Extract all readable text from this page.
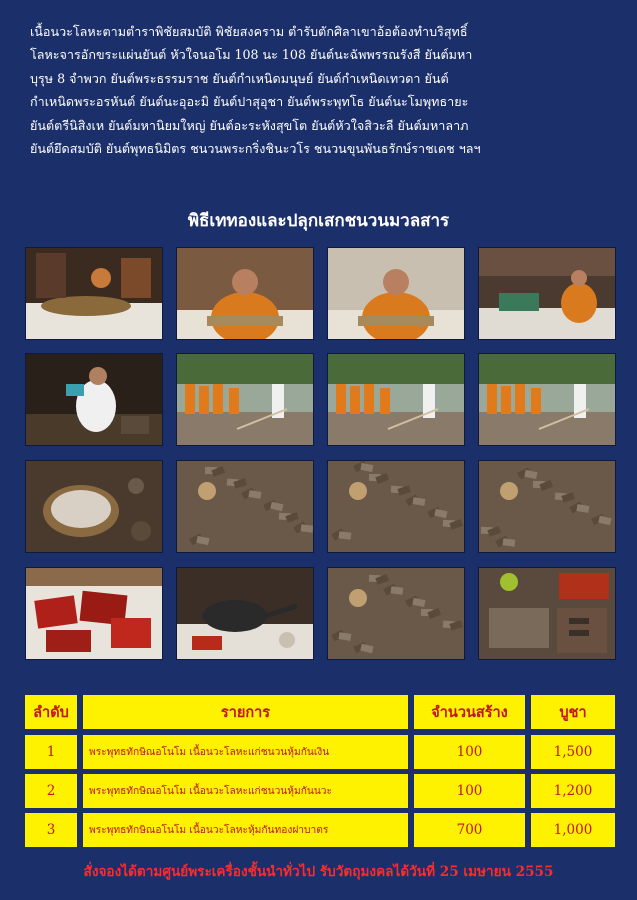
เนื้อนวะโลหะตามตำราพิชัยสมบัติ พิชัยสงคราม ตำรับตักศิลาเขาอ้อต้องทำบริสุทธิ์
โลหะจารอักขระแผ่นยันต์ หัวใจนอโม 108 นะ 108 ยันต์นะฉัพพรรณรังสี ยันต์มหา
บุรุษ 8 จำพวก ยันต์พระธรรมราช ยันต์กำเหนิดมนุษย์ ยันต์กำเหนิดเทวดา ยันต์
กำเหนิดพระอรหันต์ ยันต์นะอุอะมิ ยันต์ปาสุอุชา ยันต์พระพุทโธ ยันต์นะโมพุทธายะ
ยันต์ตรีนิสิงเห ยันต์มหานิยมใหญ่ ยันต์อะระหังสุขโต ยันต์หัวใจสิวะลี ยันต์มหาลาภ
ยันต์ยึดสมบัติ ยันต์พุทธนิมิตร ชนวนพระกริ่งชินะวโร ชนวนขุนพันธรักษ์ราชเดช ฯลฯ
พิธีเททองและปลุกเสกชนวนมวลสาร
ลำดับ	รายการ	จำนวนสร้าง	บูชา
1	พระพุทธทักษิณอโนโม เนื้อนวะโลหะแก่ชนวนหุ้มกันเงิน	100	1,500
2	พระพุทธทักษิณอโนโม เนื้อนวะโลหะแก่ชนวนหุ้มกันนวะ	100	1,200
3	พระพุทธทักษิณอโนโม เนื้อนวะโลหะหุ้มกันทองฝาบาตร	700	1,000
สั่งจองได้ตามศูนย์พระเครื่องชั้นนำทั่วไป รับวัตถุมงคลได้วันที่ 25 เมษายน 2555
